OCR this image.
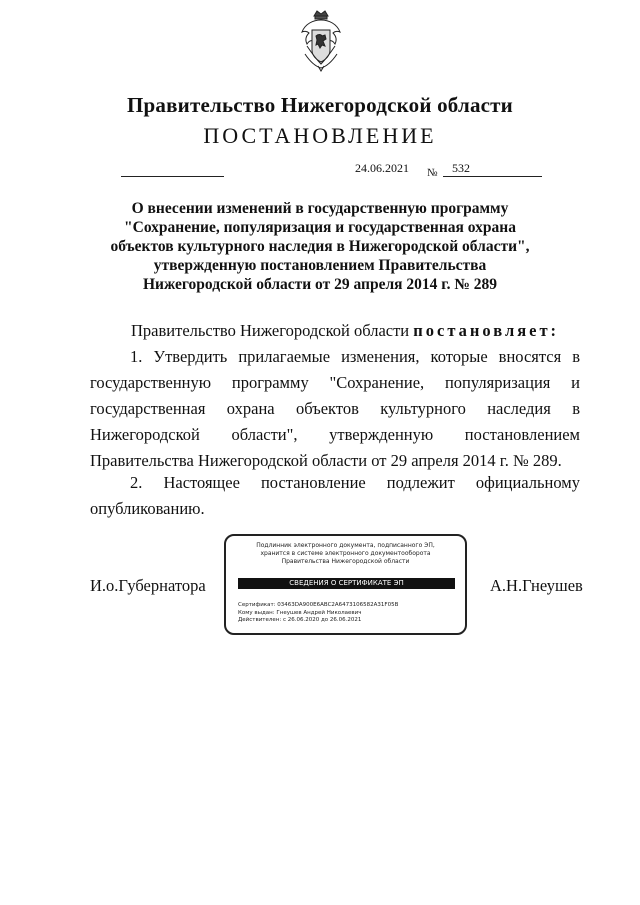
Правительство Нижегородской области
ПОСТАНОВЛЕНИЕ
24.06.2021 № 532
О внесении изменений в государственную программу
"Сохранение, популяризация и государственная охрана
объектов культурного наследия в Нижегородской области",
утвержденную постановлением Правительства
Нижегородской области от 29 апреля 2014 г. № 289
Правительство Нижегородской области постановляет:
1. Утвердить прилагаемые изменения, которые вносятся в государственную программу "Сохранение, популяризация и государственная охрана объектов культурного наследия в Нижегородской области", утвержденную постановлением Правительства Нижегородской области от 29 апреля 2014 г. № 289.
2. Настоящее постановление подлежит официальному опубликованию.
И.о.Губернатора	А.Н.Гнеушев
Подлинник электронного документа, подписанного ЭП,
хранится в системе электронного документооборота
Правительства Нижегородской области
СВЕДЕНИЯ О СЕРТИФИКАТЕ ЭП
Сертификат: 03463DA900E6ABC2A6473106582A31F05B
Кому выдан: Гнеушев Андрей Николаевич
Действителен: с 26.06.2020 до 26.06.2021
